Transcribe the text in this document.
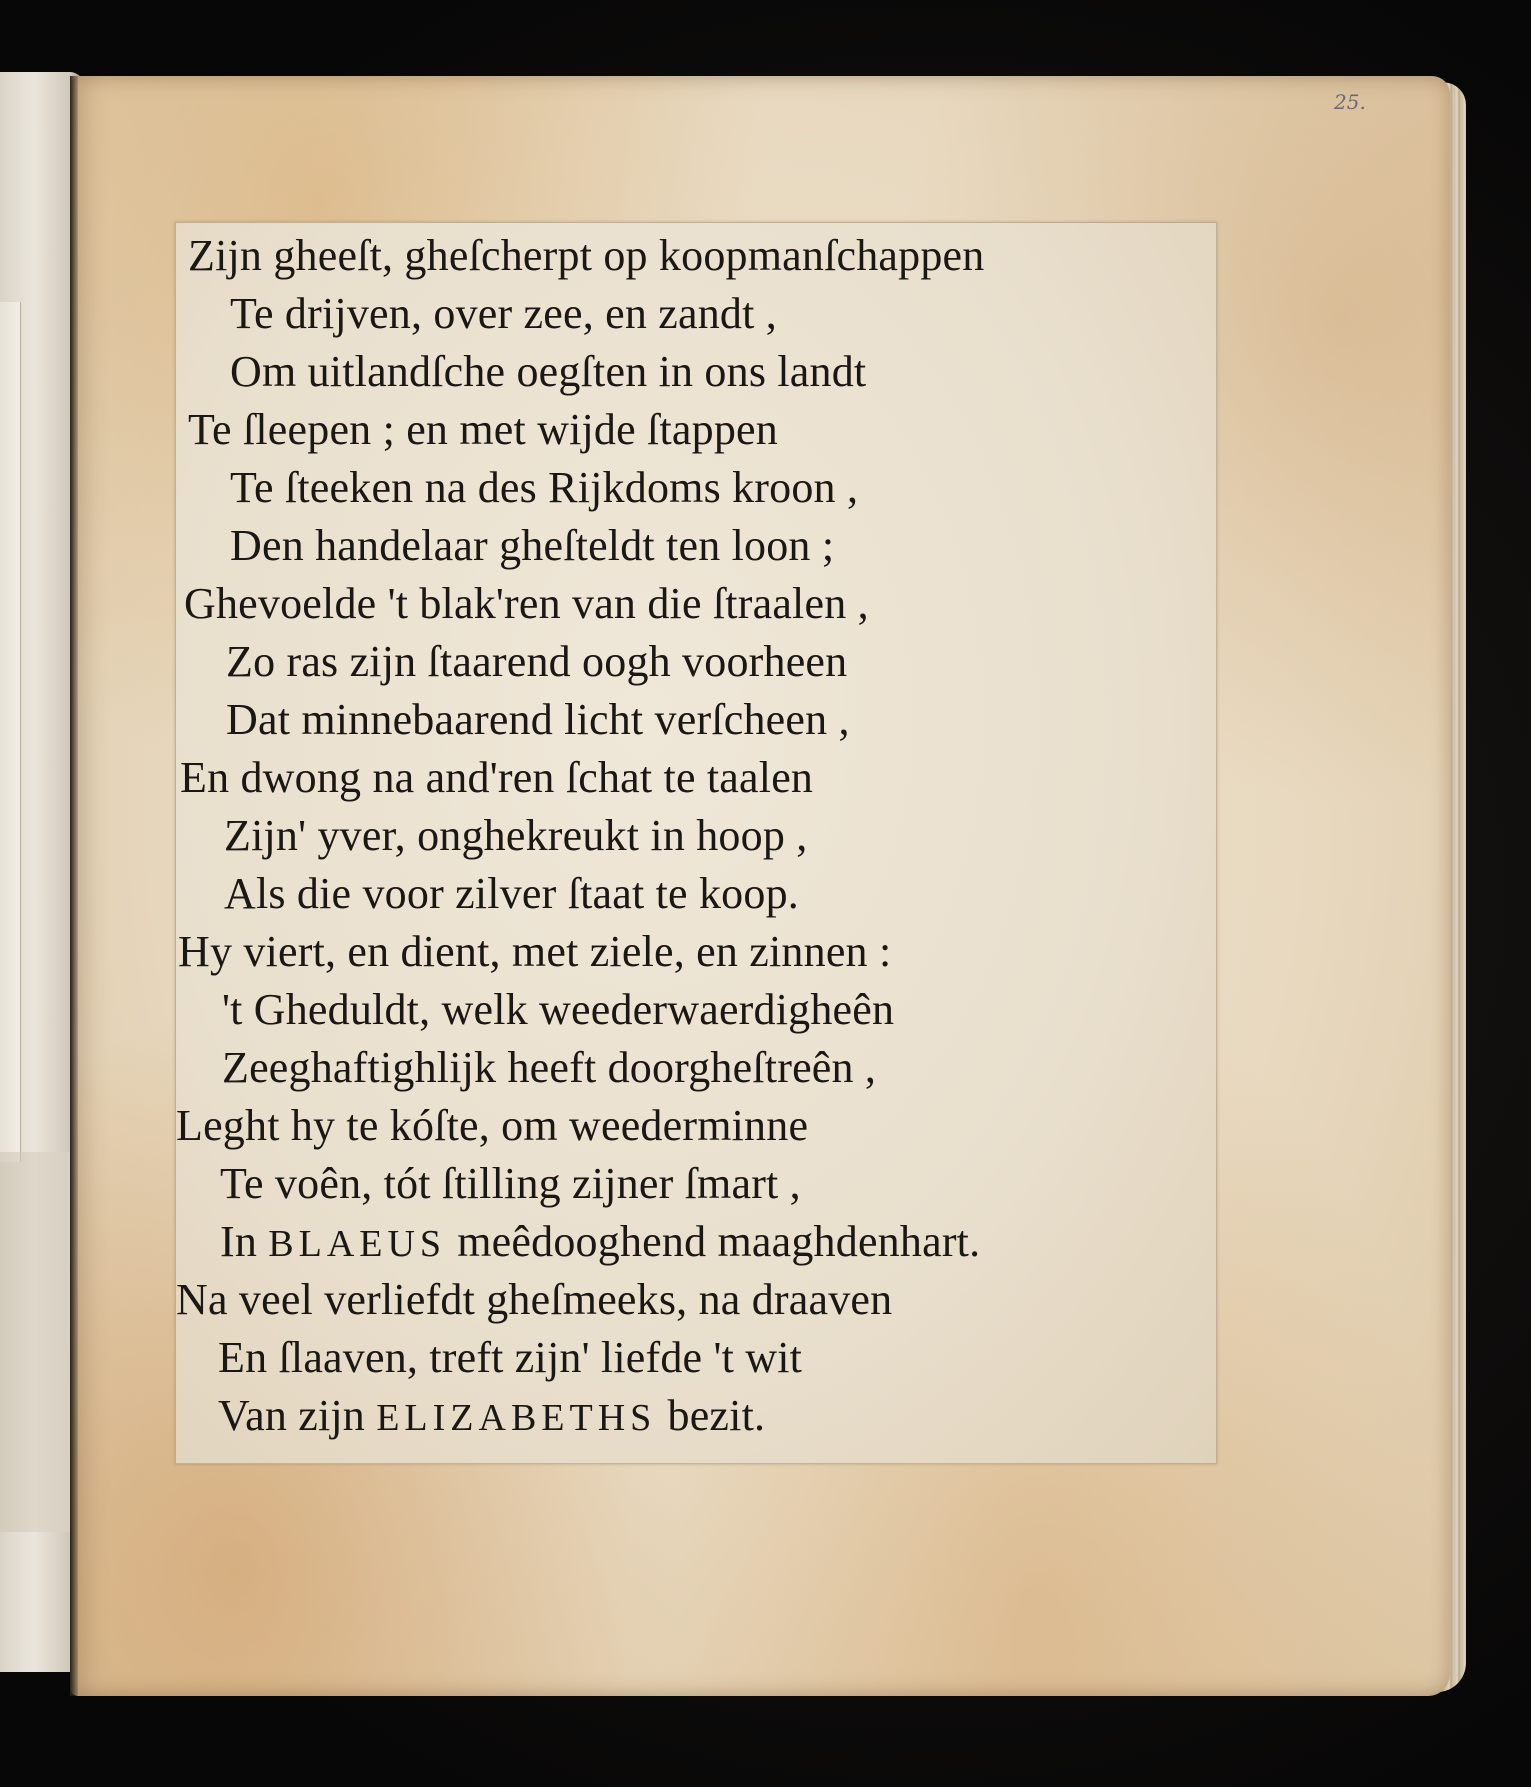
25.
Zijn gheeſt, gheſcherpt op koopmanſchappen
Te drijven, over zee, en zandt ,
Om uitlandſche oegſten in ons landt
Te ſleepen ; en met wijde ſtappen
Te ſteeken na des Rijkdoms kroon ,
Den handelaar gheſteldt ten loon ;
Ghevoelde 't blak'ren van die ſtraalen ,
Zo ras zijn ſtaarend oogh voorheen
Dat minnebaarend licht verſcheen ,
En dwong na and'ren ſchat te taalen
Zijn' yver, onghekreukt in hoop ,
Als die voor zilver ſtaat te koop.
Hy viert, en dient, met ziele, en zinnen :
't Gheduldt, welk weederwaerdigheên
Zeeghaftighlijk heeft doorgheſtreên ,
Leght hy te kóſte, om weederminne
Te voên, tót ſtilling zijner ſmart ,
In BLAEUS meêdooghend maaghdenhart.
Na veel verliefdt gheſmeeks, na draaven
En ſlaaven, treft zijn' liefde 't wit
Van zijn ELIZABETHS bezit.
